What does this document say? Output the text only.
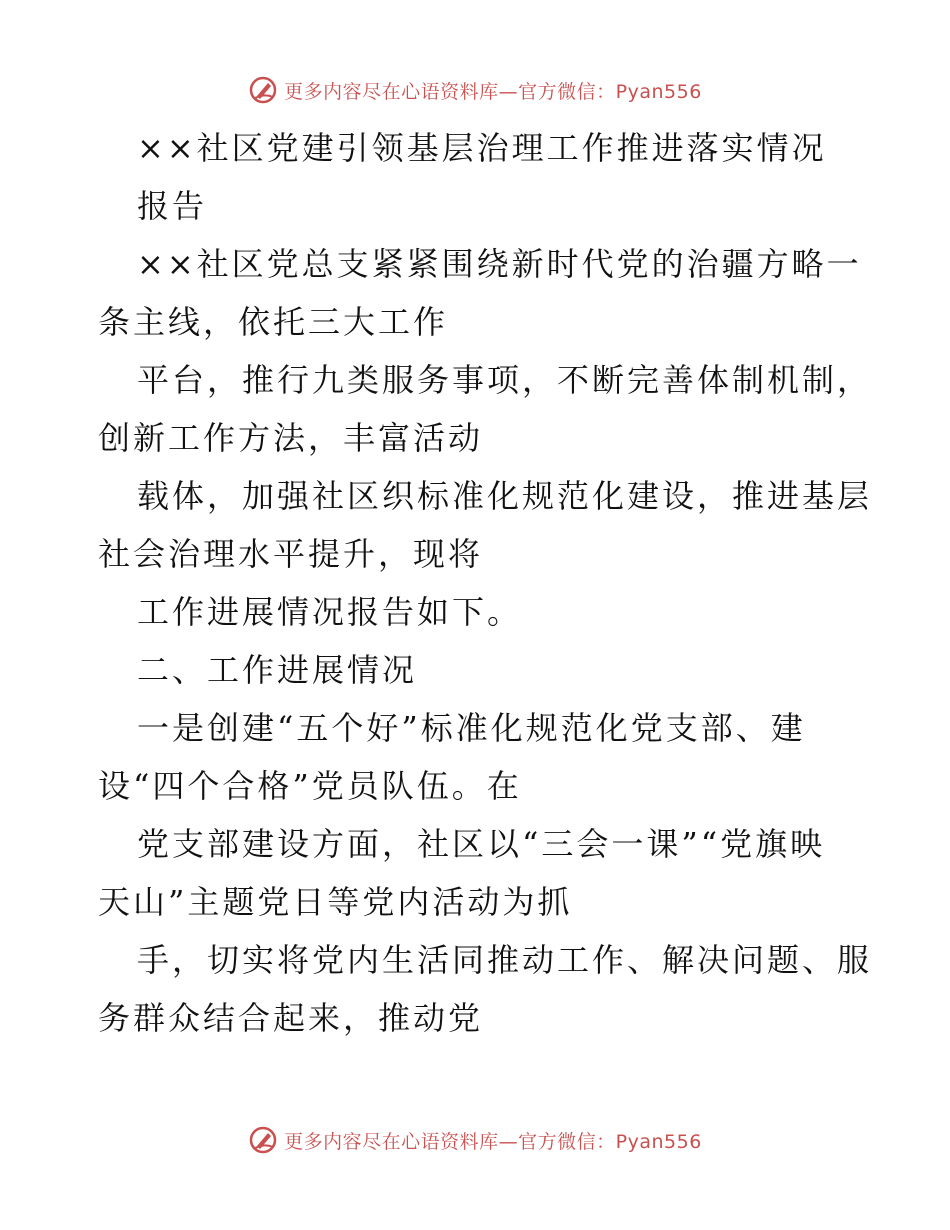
更多内容尽在心语资料库—官方微信：Pyan556
××社区党建引领基层治理工作推进落实情况
报告
××社区党总支紧紧围绕新时代党的治疆方略一
条主线，依托三大工作
平台，推行九类服务事项，不断完善体制机制，
创新工作方法，丰富活动
载体，加强社区织标准化规范化建设，推进基层
社会治理水平提升，现将
工作进展情况报告如下。
二、工作进展情况
一是创建“五个好”标准化规范化党支部、建
设“四个合格”党员队伍。在
党支部建设方面，社区以“三会一课”“党旗映
天山”主题党日等党内活动为抓
手，切实将党内生活同推动工作、解决问题、服
务群众结合起来，推动党
更多内容尽在心语资料库—官方微信：Pyan556
